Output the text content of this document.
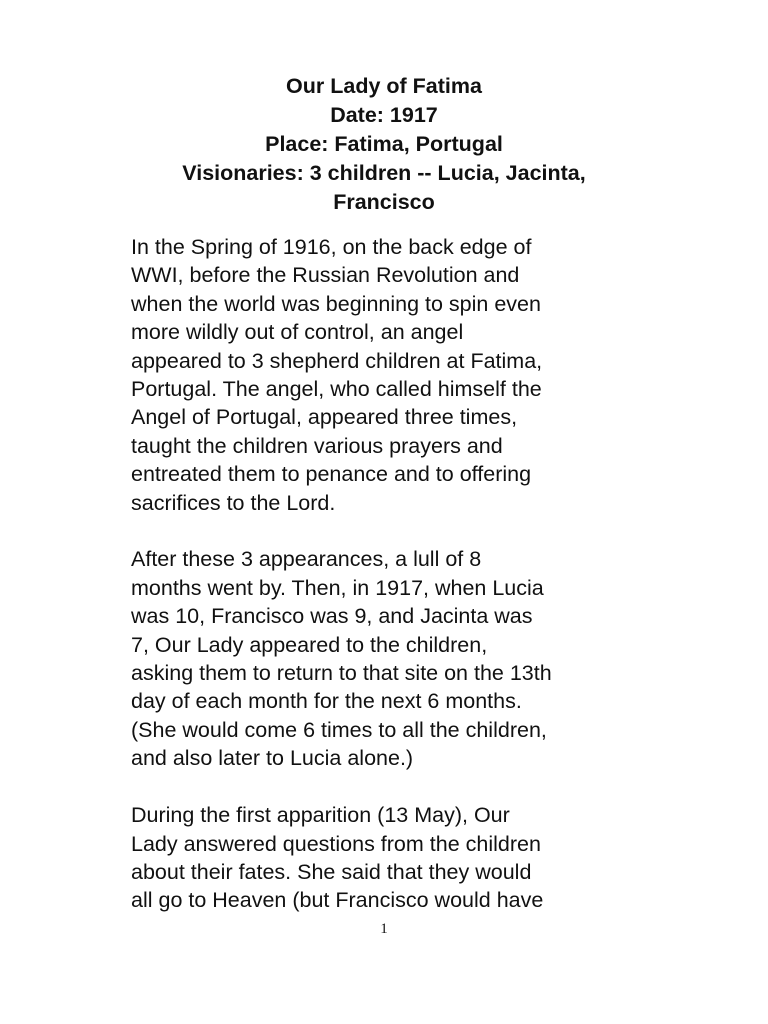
Our Lady of Fatima
Date: 1917
Place: Fatima, Portugal
Visionaries: 3 children -- Lucia, Jacinta,
Francisco

In the Spring of 1916, on the back edge of
WWI, before the Russian Revolution and
when the world was beginning to spin even
more wildly out of control, an angel
appeared to 3 shepherd children at Fatima,
Portugal. The angel, who called himself the
Angel of Portugal, appeared three times,
taught the children various prayers and
entreated them to penance and to offering
sacrifices to the Lord.

After these 3 appearances, a lull of 8
months went by. Then, in 1917, when Lucia
was 10, Francisco was 9, and Jacinta was
7, Our Lady appeared to the children,
asking them to return to that site on the 13th
day of each month for the next 6 months.
(She would come 6 times to all the children,
and also later to Lucia alone.)

During the first apparition (13 May), Our
Lady answered questions from the children
about their fates. She said that they would
all go to Heaven (but Francisco would have

1
